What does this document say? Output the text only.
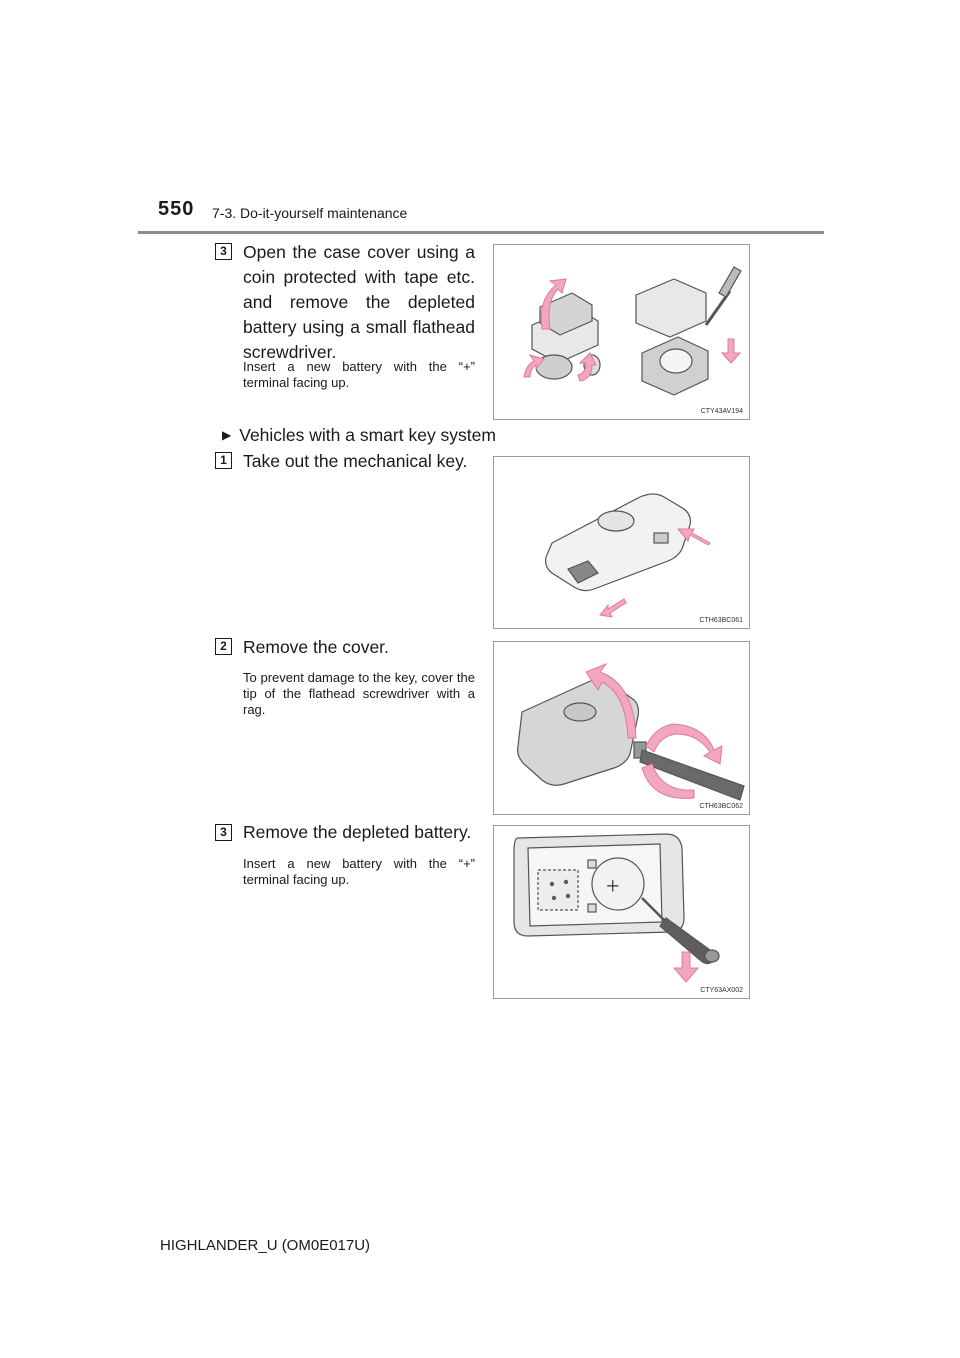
550 7-3. Do-it-yourself maintenance
3 Open the case cover using a coin protected with tape etc. and remove the depleted battery using a small flathead screwdriver.
Insert a new battery with the “+” terminal facing up.
CTY43AV194
▶ Vehicles with a smart key system
1 Take out the mechanical key.
CTH63BC061
2 Remove the cover.
To prevent damage to the key, cover the tip of the flathead screwdriver with a rag.
CTH63BC062
3 Remove the depleted battery.
Insert a new battery with the “+” terminal facing up.	+
CTY63AX002
HIGHLANDER_U (OM0E017U)
